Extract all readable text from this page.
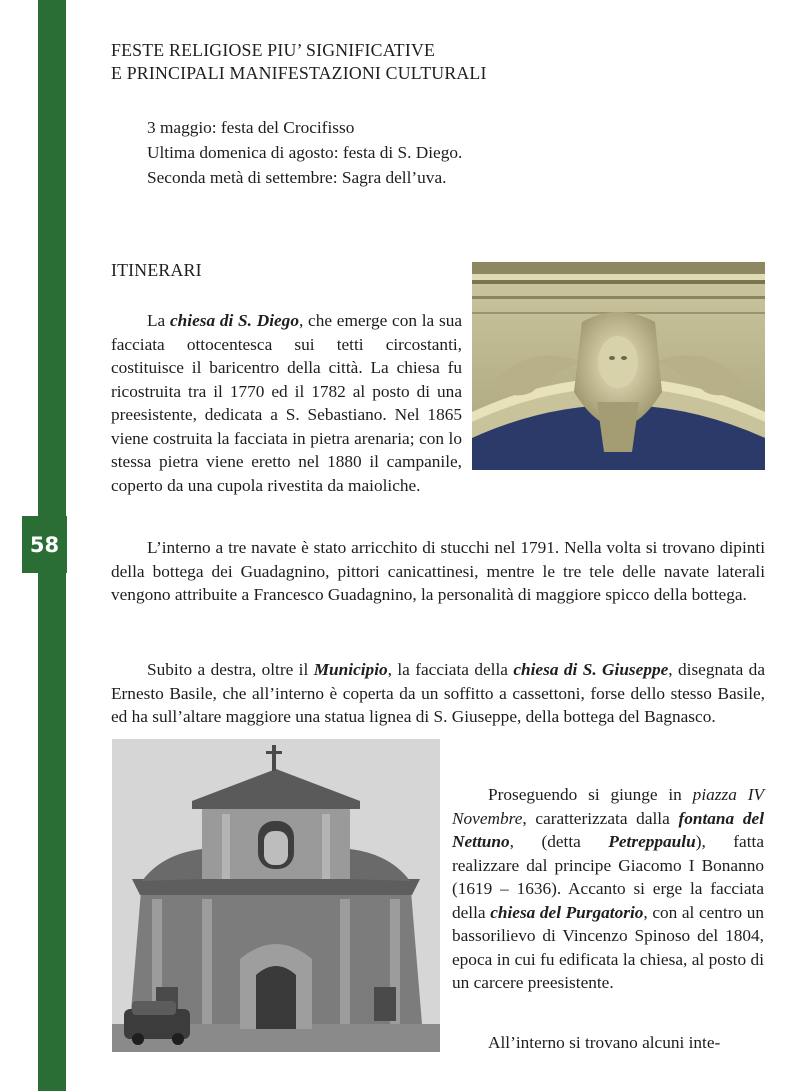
58
FESTE RELIGIOSE PIU’ SIGNIFICATIVE
E PRINCIPALI MANIFESTAZIONI CULTURALI
3 maggio: festa del Crocifisso
Ultima domenica di agosto: festa di S. Diego.
Seconda metà di settembre: Sagra dell’uva.
ITINERARI
La chiesa di S. Diego, che emerge con la sua facciata ottocentesca sui tetti circostanti, costituisce il baricentro della città. La chiesa fu ricostruita tra il 1770 ed il 1782 al posto di una preesistente, dedicata a S. Sebastiano. Nel 1865 viene costruita la facciata in pietra arenaria; con lo stessa pietra viene eretto nel 1880 il campanile, coperto da una cupola rivestita da maioliche.
L’interno a tre navate è stato arricchito di stucchi nel 1791. Nella volta si trovano dipinti della bottega dei Guadagnino, pittori canicattinesi, mentre le tre tele delle navate laterali vengono attribuite a Francesco Guadagnino, la personalità di maggiore spicco della bottega.
Subito a destra, oltre il Municipio, la facciata della chiesa di S. Giuseppe, disegnata da Ernesto Basile, che all’interno è coperta da un soffitto a cassettoni, forse dello stesso Basile, ed ha sull’altare maggiore una statua lignea di S. Giuseppe, della bottega del Bagnasco.
Proseguendo si giunge in piazza IV Novembre, caratterizzata dalla fontana del Nettuno, (detta Petreppaulu), fatta realizzare dal principe Giacomo I Bonanno (1619 – 1636). Accanto si erge la facciata della chiesa del Purgatorio, con al centro un bassorilievo di Vincenzo Spinoso del 1804, epoca in cui fu edificata la chiesa, al posto di un carcere preesistente.
All’interno si trovano alcuni inte-
